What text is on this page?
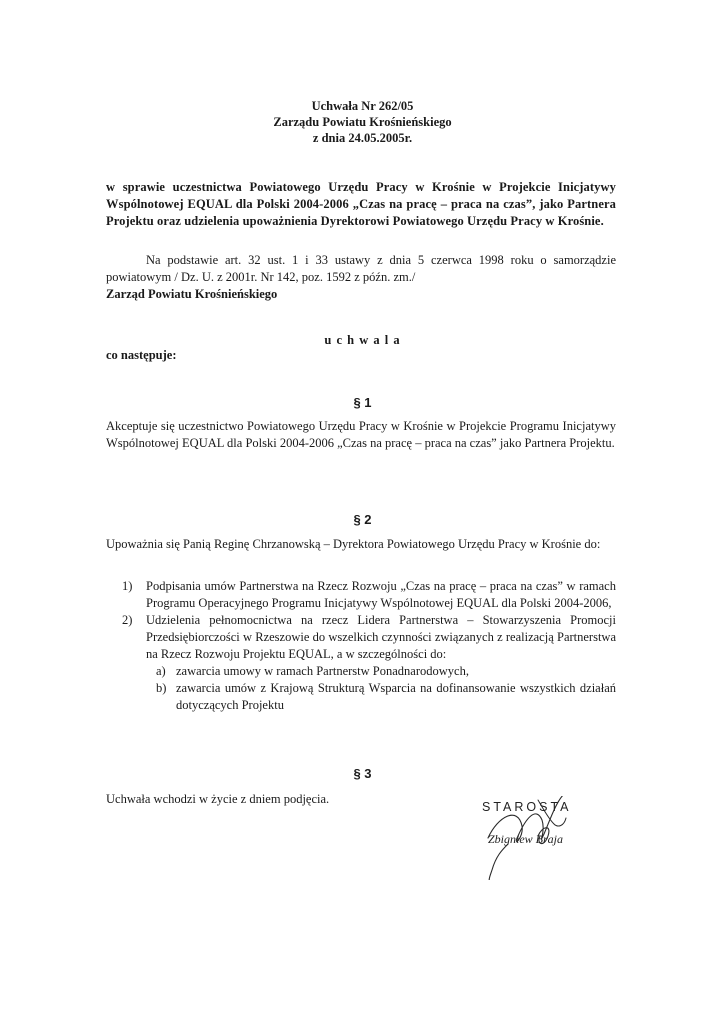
Uchwała Nr 262/05
Zarządu Powiatu Krośnieńskiego
z dnia 24.05.2005r.

w sprawie uczestnictwa Powiatowego Urzędu Pracy w Krośnie w Projekcie Inicjatywy Wspólnotowej EQUAL dla Polski 2004-2006 „Czas na pracę – praca na czas”, jako Partnera Projektu oraz udzielenia upoważnienia Dyrektorowi Powiatowego Urzędu Pracy w Krośnie.

Na podstawie art. 32 ust. 1 i 33 ustawy z dnia 5 czerwca 1998 roku o samorządzie powiatowym / Dz. U. z 2001r. Nr 142, poz. 1592 z późn. zm./

Zarząd Powiatu Krośnieńskiego

u c h w a l a

co następuje:

§ 1

Akceptuje się uczestnictwo Powiatowego Urzędu Pracy w Krośnie w Projekcie Programu Inicjatywy Wspólnotowej EQUAL dla Polski 2004-2006 „Czas na pracę – praca na czas” jako Partnera Projektu.

§ 2

Upoważnia się Panią Reginę Chrzanowską – Dyrektora Powiatowego Urzędu Pracy w Krośnie do:

1) Podpisania umów Partnerstwa na Rzecz Rozwoju „Czas na pracę – praca na czas” w ramach Programu Operacyjnego Programu Inicjatywy Wspólnotowej EQUAL dla Polski 2004-2006,
2) Udzielenia pełnomocnictwa na rzecz Lidera Partnerstwa – Stowarzyszenia Promocji Przedsiębiorczości w Rzeszowie do wszelkich czynności związanych z realizacją Partnerstwa na Rzecz Rozwoju Projektu EQUAL, a w szczególności do:
a) zawarcia umowy w ramach Partnerstw Ponadnarodowych,
b) zawarcia umów z Krajową Strukturą Wsparcia na dofinansowanie wszystkich działań dotyczących Projektu
§ 3

Uchwała wchodzi w życie z dniem podjęcia.

STAROSTA
Zbigniew Braja
